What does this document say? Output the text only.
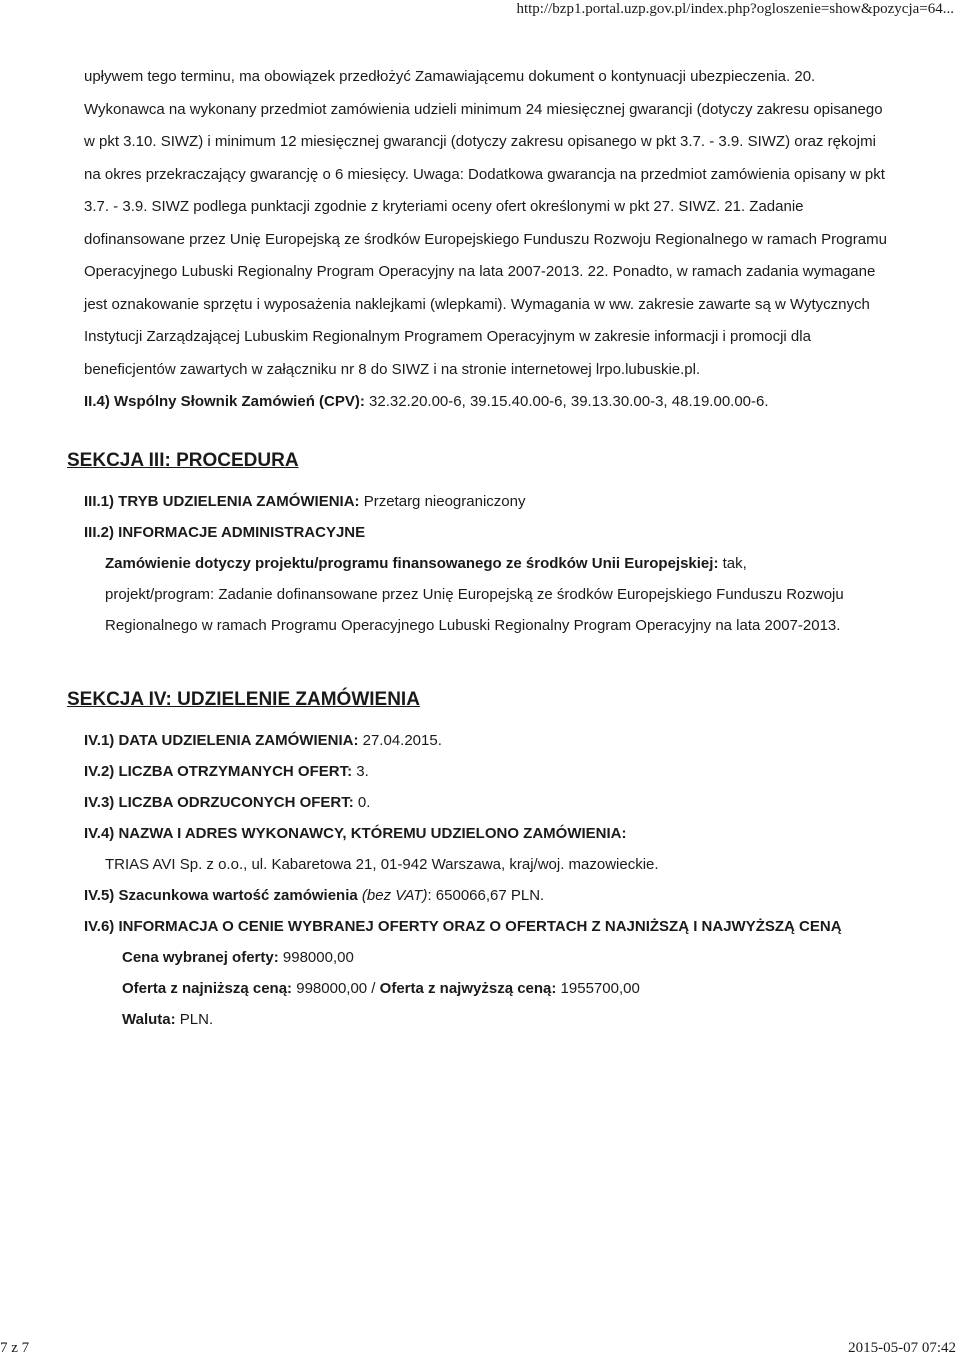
http://bzp1.portal.uzp.gov.pl/index.php?ogloszenie=show&pozycja=64...

upływem tego terminu, ma obowiązek przedłożyć Zamawiającemu dokument o kontynuacji ubezpieczenia. 20. Wykonawca na wykonany przedmiot zamówienia udzieli minimum 24 miesięcznej gwarancji (dotyczy zakresu opisanego w pkt 3.10. SIWZ) i minimum 12 miesięcznej gwarancji (dotyczy zakresu opisanego w pkt 3.7. - 3.9. SIWZ) oraz rękojmi na okres przekraczający gwarancję o 6 miesięcy. Uwaga: Dodatkowa gwarancja na przedmiot zamówienia opisany w pkt 3.7. - 3.9. SIWZ podlega punktacji zgodnie z kryteriami oceny ofert określonymi w pkt 27. SIWZ. 21. Zadanie dofinansowane przez Unię Europejską ze środków Europejskiego Funduszu Rozwoju Regionalnego w ramach Programu Operacyjnego Lubuski Regionalny Program Operacyjny na lata 2007-2013. 22. Ponadto, w ramach zadania wymagane jest oznakowanie sprzętu i wyposażenia naklejkami (wlepkami). Wymagania w ww. zakresie zawarte są w Wytycznych Instytucji Zarządzającej Lubuskim Regionalnym Programem Operacyjnym w zakresie informacji i promocji dla beneficjentów zawartych w załączniku nr 8 do SIWZ i na stronie internetowej lrpo.lubuskie.pl.

II.4) Wspólny Słownik Zamówień (CPV): 32.32.20.00-6, 39.15.40.00-6, 39.13.30.00-3, 48.19.00.00-6.

SEKCJA III: PROCEDURA

III.1) TRYB UDZIELENIA ZAMÓWIENIA: Przetarg nieograniczony

III.2) INFORMACJE ADMINISTRACYJNE

Zamówienie dotyczy projektu/programu finansowanego ze środków Unii Europejskiej: tak,

projekt/program: Zadanie dofinansowane przez Unię Europejską ze środków Europejskiego Funduszu Rozwoju Regionalnego w ramach Programu Operacyjnego Lubuski Regionalny Program Operacyjny na lata 2007-2013.

SEKCJA IV: UDZIELENIE ZAMÓWIENIA

IV.1) DATA UDZIELENIA ZAMÓWIENIA: 27.04.2015.

IV.2) LICZBA OTRZYMANYCH OFERT: 3.

IV.3) LICZBA ODRZUCONYCH OFERT: 0.

IV.4) NAZWA I ADRES WYKONAWCY, KTÓREMU UDZIELONO ZAMÓWIENIA:

TRIAS AVI Sp. z o.o., ul. Kabaretowa 21, 01-942 Warszawa, kraj/woj. mazowieckie.

IV.5) Szacunkowa wartość zamówienia (bez VAT): 650066,67 PLN.

IV.6) INFORMACJA O CENIE WYBRANEJ OFERTY ORAZ O OFERTACH Z NAJNIŻSZĄ I NAJWYŻSZĄ CENĄ

Cena wybranej oferty: 998000,00

Oferta z najniższą ceną: 998000,00 / Oferta z najwyższą ceną: 1955700,00

Waluta: PLN.

7 z 7	2015-05-07 07:42
